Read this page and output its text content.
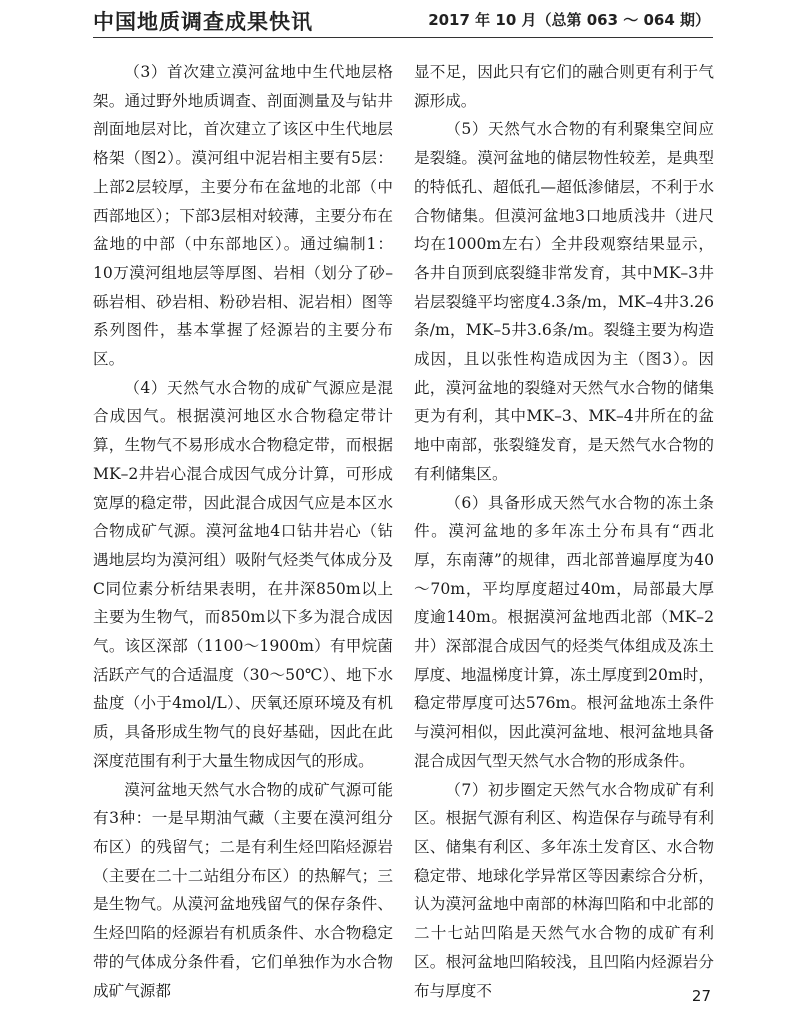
中国地质调查成果快讯	2017 年 10 月（总第 063 ～ 064 期）

（3）首次建立漠河盆地中生代地层格架。通过野外地质调查、剖面测量及与钻井剖面地层对比，首次建立了该区中生代地层格架（图2）。漠河组中泥岩相主要有5层：上部2层较厚，主要分布在盆地的北部（中西部地区）；下部3层相对较薄，主要分布在盆地的中部（中东部地区）。通过编制1：10万漠河组地层等厚图、岩相（划分了砂–砾岩相、砂岩相、粉砂岩相、泥岩相）图等系列图件，基本掌握了烃源岩的主要分布区。

（4）天然气水合物的成矿气源应是混合成因气。根据漠河地区水合物稳定带计算，生物气不易形成水合物稳定带，而根据MK–2井岩心混合成因气成分计算，可形成宽厚的稳定带，因此混合成因气应是本区水合物成矿气源。漠河盆地4口钻井岩心（钻遇地层均为漠河组）吸附气烃类气体成分及C同位素分析结果表明，在井深850m以上主要为生物气，而850m以下多为混合成因气。该区深部（1100～1900m）有甲烷菌活跃产气的合适温度（30～50℃）、地下水盐度（小于4mol/L）、厌氧还原环境及有机质，具备形成生物气的良好基础，因此在此深度范围有利于大量生物成因气的形成。

漠河盆地天然气水合物的成矿气源可能有3种：一是早期油气藏（主要在漠河组分布区）的残留气；二是有利生烃凹陷烃源岩（主要在二十二站组分布区）的热解气；三是生物气。从漠河盆地残留气的保存条件、生烃凹陷的烃源岩有机质条件、水合物稳定带的气体成分条件看，它们单独作为水合物成矿气源都

显不足，因此只有它们的融合则更有利于气源形成。

（5）天然气水合物的有利聚集空间应是裂缝。漠河盆地的储层物性较差，是典型的特低孔、超低孔—超低渗储层，不利于水合物储集。但漠河盆地3口地质浅井（进尺均在1000m左右）全井段观察结果显示，各井自顶到底裂缝非常发育，其中MK–3井岩层裂缝平均密度4.3条/m，MK–4井3.26条/m，MK–5井3.6条/m。裂缝主要为构造成因，且以张性构造成因为主（图3）。因此，漠河盆地的裂缝对天然气水合物的储集更为有利，其中MK–3、MK–4井所在的盆地中南部，张裂缝发育，是天然气水合物的有利储集区。

（6）具备形成天然气水合物的冻土条件。漠河盆地的多年冻土分布具有“西北厚，东南薄”的规律，西北部普遍厚度为40～70m，平均厚度超过40m，局部最大厚度逾140m。根据漠河盆地西北部（MK–2井）深部混合成因气的烃类气体组成及冻土厚度、地温梯度计算，冻土厚度到20m时，稳定带厚度可达576m。根河盆地冻土条件与漠河相似，因此漠河盆地、根河盆地具备混合成因气型天然气水合物的形成条件。

（7）初步圈定天然气水合物成矿有利区。根据气源有利区、构造保存与疏导有利区、储集有利区、多年冻土发育区、水合物稳定带、地球化学异常区等因素综合分析，认为漠河盆地中南部的林海凹陷和中北部的二十七站凹陷是天然气水合物的成矿有利区。根河盆地凹陷较浅，且凹陷内烃源岩分布与厚度不	27
